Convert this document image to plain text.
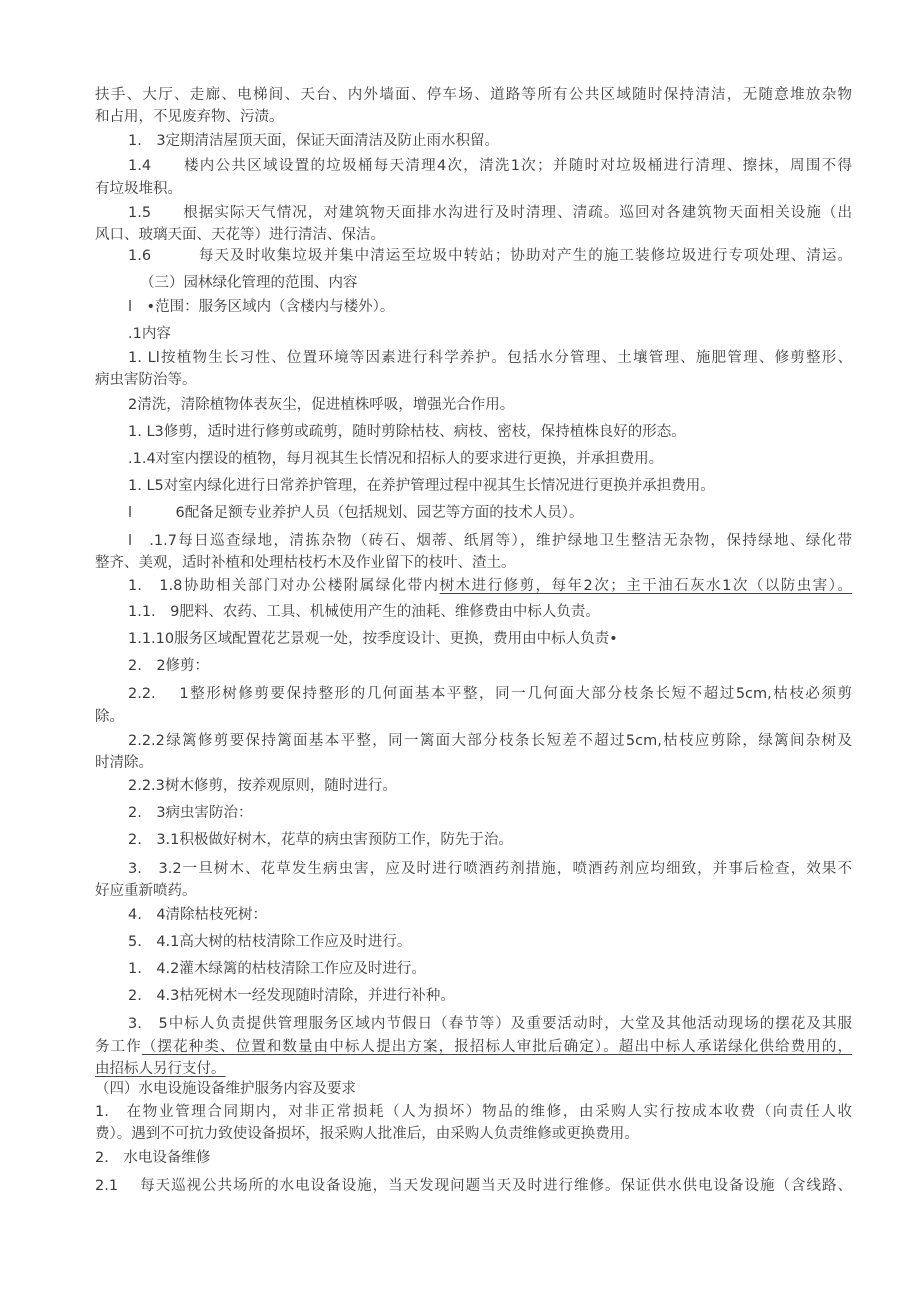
扶手、大厅、走廊、电梯间、天台、内外墙面、停车场、道路等所有公共区域随时保持清洁，无随意堆放杂物
和占用，不见废弃物、污渍。
1.　3定期清洁屋顶天面，保证天面清洁及防止雨水积留。
1.4　　楼内公共区域设置的垃圾桶每天清理4次，清洗1次；并随时对垃圾桶进行清理、擦抹，周围不得
有垃圾堆积。
1.5　　根据实际天气情况，对建筑物天面排水沟进行及时清理、清疏。巡回对各建筑物天面相关设施（出
风口、玻璃天面、天花等）进行清洁、保洁。
1.6　　　每天及时收集垃圾并集中清运至垃圾中转站；协助对产生的施工装修垃圾进行专项处理、清运。
（三）园林绿化管理的范围、内容
l　•范围：服务区域内（含楼内与楼外）。
.1内容
1. Ll按植物生长习性、位置环境等因素进行科学养护。包括水分管理、土壤管理、施肥管理、修剪整形、
病虫害防治等。
2清洗，清除植物体表灰尘，促进植株呼吸，增强光合作用。
1. L3修剪，适时进行修剪或疏剪，随时剪除枯枝、病枝、密枝，保持植株良好的形态。
.1.4对室内摆设的植物，每月视其生长情况和招标人的要求进行更换，并承担费用。
1. L5对室内绿化进行日常养护管理，在养护管理过程中视其生长情况进行更换并承担费用。
l　　　6配备足额专业养护人员（包括规划、园艺等方面的技术人员）。
l　.1.7每日巡查绿地，清拣杂物（砖石、烟蒂、纸屑等），维护绿地卫生整洁无杂物，保持绿地、绿化带
整齐、美观，适时补植和处理枯枝朽木及作业留下的枝叶、渣土。
1.　1.8协助相关部门对办公楼附属绿化带内树木进行修剪，每年2次；主干油石灰水1次（以防虫害）。
1.1.　9肥料、农药、工具、机械使用产生的油耗、维修费由中标人负责。
1.1.10服务区域配置花艺景观一处，按季度设计、更换，费用由中标人负责•
2.　2修剪：
2.2.　 1整形树修剪要保持整形的几何面基本平整，同一几何面大部分枝条长短不超过5cm,枯枝必须剪
除。
2.2.2绿篱修剪要保持篱面基本平整，同一篱面大部分枝条长短差不超过5cm,枯枝应剪除，绿篱间杂树及
时清除。
2.2.3树木修剪，按养观原则，随时进行。
2.　3病虫害防治：
2.　3.1积极做好树木，花草的病虫害预防工作，防先于治。
3.　3.2一旦树木、花草发生病虫害，应及时进行喷酒药剂措施，喷酒药剂应均细致，并事后检查，效果不
好应重新喷药。
4.　4清除枯枝死树：
5.　4.1高大树的枯枝清除工作应及时进行。
1.　4.2灌木绿篱的枯枝清除工作应及时进行。
2.　4.3枯死树木一经发现随时清除，并进行补种。
3.　5中标人负责提供管理服务区域内节假日（春节等）及重要活动时，大堂及其他活动现场的摆花及其服
务工作（摆花种类、位置和数量由中标人提出方案，报招标人审批后确定）。超出中标人承诺绿化供给费用的，
由招标人另行支付。
（四）水电设施设备维护服务内容及要求
1.　在物业管理合同期内，对非正常损耗（人为损坏）物品的维修，由采购人实行按成本收费（向责任人收
费）。遇到不可抗力致使设备损坏，报采购人批准后，由采购人负责维修或更换费用。
2.　水电设备维修
2.1　 每天巡视公共场所的水电设备设施，当天发现问题当天及时进行维修。保证供水供电设备设施（含线路、
